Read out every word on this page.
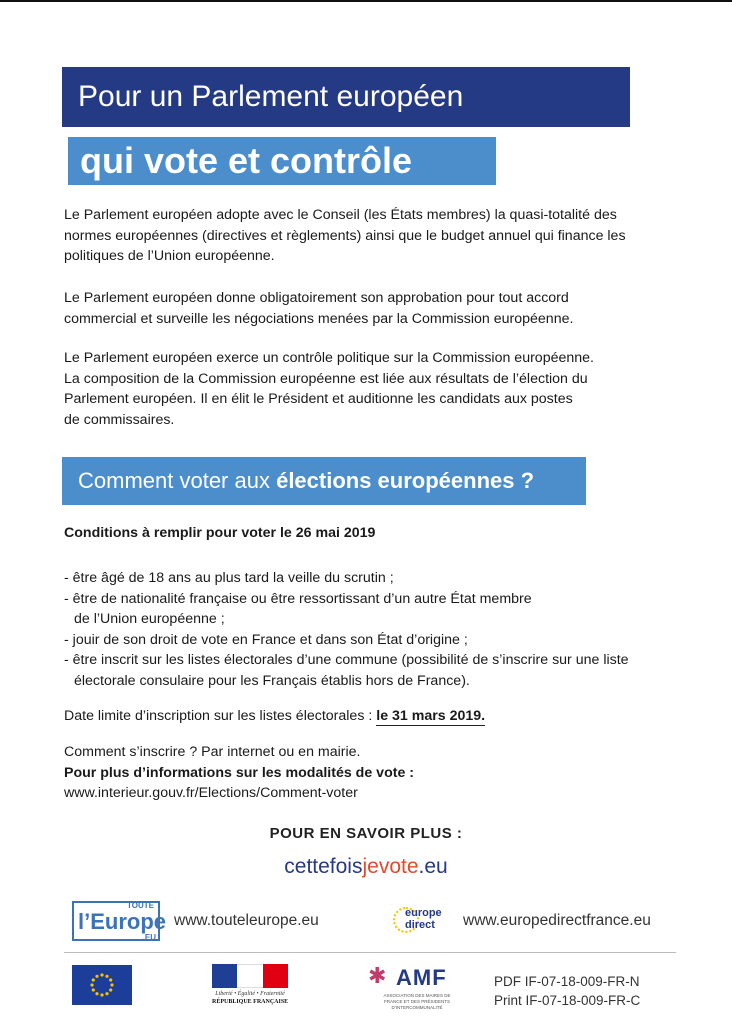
Pour un Parlement européen
qui vote et contrôle

Le Parlement européen adopte avec le Conseil (les États membres) la quasi-totalité des
normes européennes (directives et règlements) ainsi que le budget annuel qui finance les
politiques de l’Union européenne.

Le Parlement européen donne obligatoirement son approbation pour tout accord
commercial et surveille les négociations menées par la Commission européenne.

Le Parlement européen exerce un contrôle politique sur la Commission européenne.
La composition de la Commission européenne est liée aux résultats de l’élection du
Parlement européen. Il en élit le Président et auditionne les candidats aux postes
de commissaires.

Comment voter aux élections européennes ?
Conditions à remplir pour voter le 26 mai 2019
- être âgé de 18 ans au plus tard la veille du scrutin ;
- être de nationalité française ou être ressortissant d’un autre État membre
de l’Union européenne ;
- jouir de son droit de vote en France et dans son État d’origine ;
- être inscrit sur les listes électorales d’une commune (possibilité de s’inscrire sur une liste
électorale consulaire pour les Français établis hors de France).
Date limite d’inscription sur les listes électorales : le 31 mars 2019.
Comment s’inscrire ? Par internet ou en mairie.
Pour plus d’informations sur les modalités de vote :
www.interieur.gouv.fr/Elections/Comment-voter
POUR EN SAVOIR PLUS :
cettefoisjevote.eu
TOUTE
l’Europe
.EU
www.touteleurope.eu	europe
direct	www.europedirectfrance.eu
Liberté • Égalité • Fraternité
RÉPUBLIQUE FRANÇAISE
✱ AMF
ASSOCIATION DES MAIRES DE FRANCE ET DES PRÉSIDENTS D’INTERCOMMUNALITÉ
PDF IF-07-18-009-FR-N
Print IF-07-18-009-FR-C
